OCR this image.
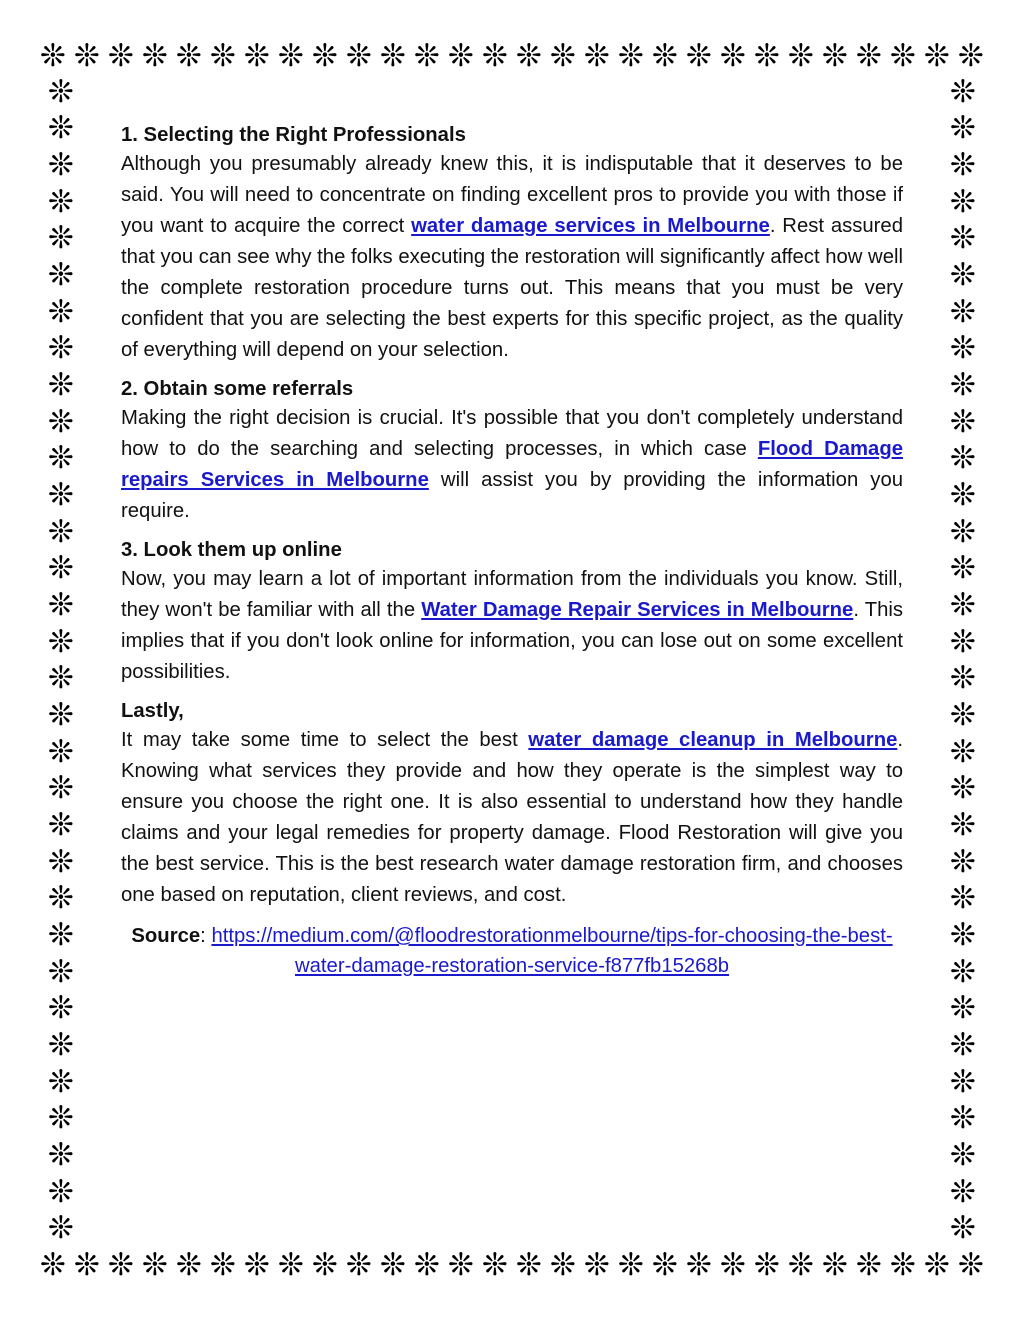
❊ ❊ ❊ ❊ ❊ ❊ ❊ ❊ ❊ ❊ ❊ ❊ ❊ ❊ ❊ ❊ ❊ ❊ ❊ ❊ ❊ ❊ ❊ ❊ ❊ ❊ ❊ ❊
❊ ❊ ❊ ❊ ❊ ❊ ❊ ❊ ❊ ❊ ❊ ❊ ❊ ❊ ❊ ❊ ❊ ❊ ❊ ❊ ❊ ❊ ❊ ❊ ❊ ❊ ❊ ❊
❊
❊
❊
❊
❊
❊
❊
❊
❊
❊
❊
❊
❊
❊
❊
❊
❊
❊
❊
❊
❊
❊
❊
❊
❊
❊
❊
❊
❊
❊
❊
❊
❊
❊
❊
❊
❊
❊
❊
❊
❊
❊
❊
❊
❊
❊
❊
❊
❊
❊
❊
❊
❊
❊
❊
❊
❊
❊
❊
❊
❊
❊
❊
❊

1. Selecting the Right Professionals

Although you presumably already knew this, it is indisputable that it deserves to be said. You will need to concentrate on finding excellent pros to provide you with those if you want to acquire the correct water damage services in Melbourne. Rest assured that you can see why the folks executing the restoration will significantly affect how well the complete restoration procedure turns out. This means that you must be very confident that you are selecting the best experts for this specific project, as the quality of everything will depend on your selection.

2. Obtain some referrals

Making the right decision is crucial. It's possible that you don't completely understand how to do the searching and selecting processes, in which case Flood Damage repairs Services in Melbourne will assist you by providing the information you require.

3. Look them up online

Now, you may learn a lot of important information from the individuals you know. Still, they won't be familiar with all the Water Damage Repair Services in Melbourne. This implies that if you don't look online for information, you can lose out on some excellent possibilities.

Lastly,

It may take some time to select the best water damage cleanup in Melbourne. Knowing what services they provide and how they operate is the simplest way to ensure you choose the right one. It is also essential to understand how they handle claims and your legal remedies for property damage. Flood Restoration will give you the best service. This is the best research water damage restoration firm, and chooses one based on reputation, client reviews, and cost.

Source: https://medium.com/@floodrestorationmelbourne/tips-for-choosing-the-best-water-damage-restoration-service-f877fb15268b
